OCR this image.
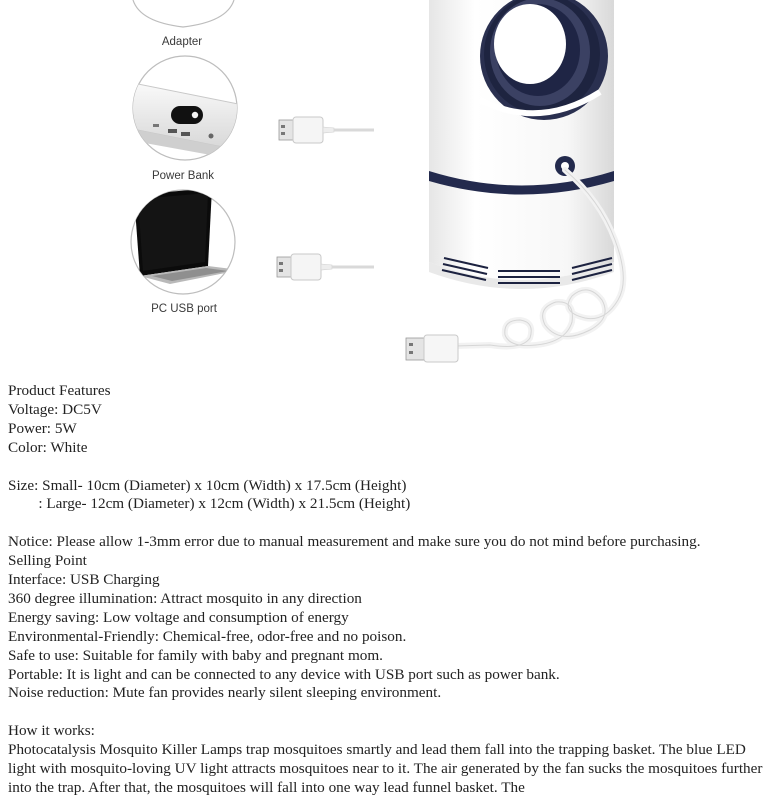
Adapter
Power Bank
PC USB port
Product Features
Voltage: DC5V
Power: 5W
Color: White
Size: Small- 10cm (Diameter) x 10cm (Width) x 17.5cm (Height)
: Large- 12cm (Diameter) x 12cm (Width) x 21.5cm (Height)
Notice: Please allow 1-3mm error due to manual measurement and make sure you do not mind before purchasing.
Selling Point
Interface: USB Charging
360 degree illumination: Attract mosquito in any direction
Energy saving: Low voltage and consumption of energy
Environmental-Friendly: Chemical-free, odor-free and no poison.
Safe to use: Suitable for family with baby and pregnant mom.
Portable: It is light and can be connected to any device with USB port such as power bank.
Noise reduction: Mute fan provides nearly silent sleeping environment.
How it works:
Photocatalysis Mosquito Killer Lamps trap mosquitoes smartly and lead them fall into the trapping basket. The blue LED light with mosquito-loving UV light attracts mosquitoes near to it. The air generated by the fan sucks the mosquitoes further into the trap. After that, the mosquitoes will fall into one way lead funnel basket. The
